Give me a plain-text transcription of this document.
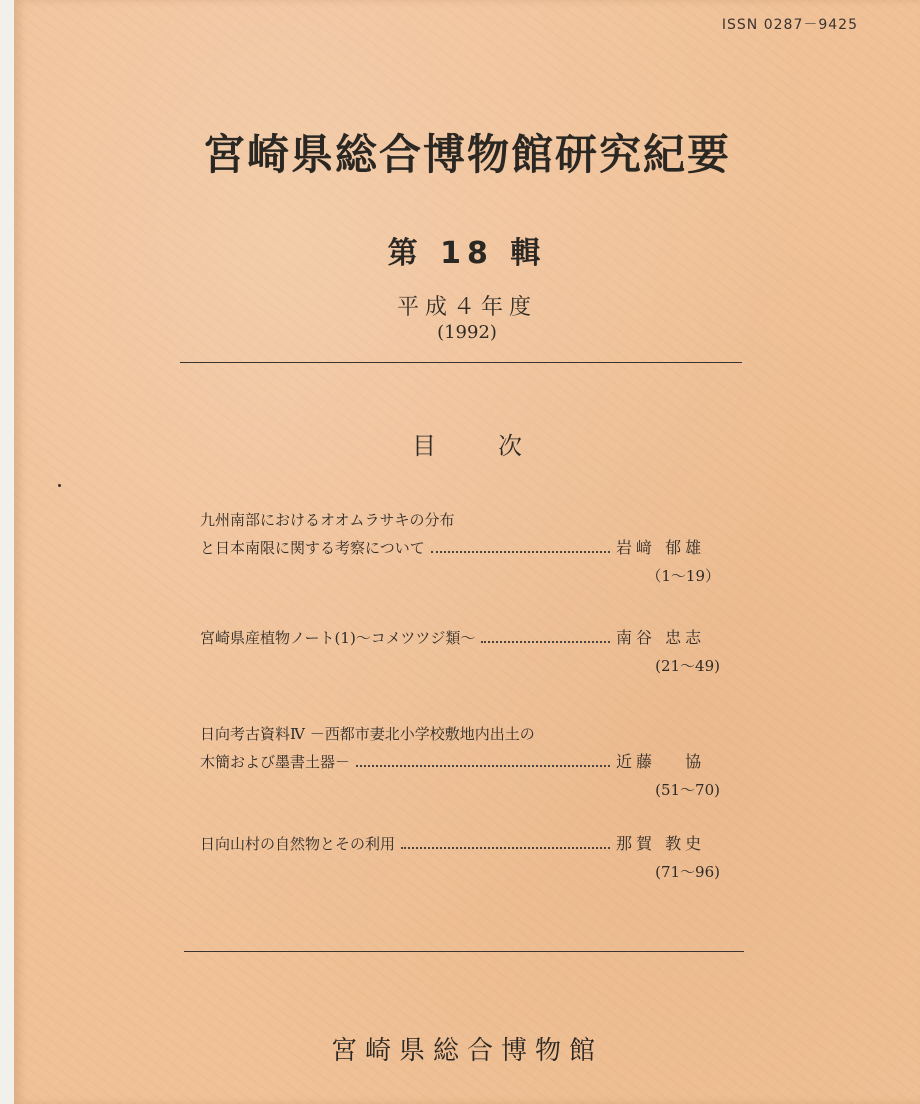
ISSN 0287－9425
宮崎県総合博物館研究紀要
第 18 輯
平成４年度
(1992)
目次
九州南部におけるオオムラサキの分布
と日本南限に関する考察について	岩﨑 郁雄
（1～19）
宮崎県産植物ノート(1)～コメツツジ類～	南谷 忠志
(21～49)
日向考古資料Ⅳ －西都市妻北小学校敷地内出土の
木簡および墨書土器－	近藤　 協
(51～70)
日向山村の自然物とその利用	那賀 教史
(71～96)
宮崎県総合博物館
